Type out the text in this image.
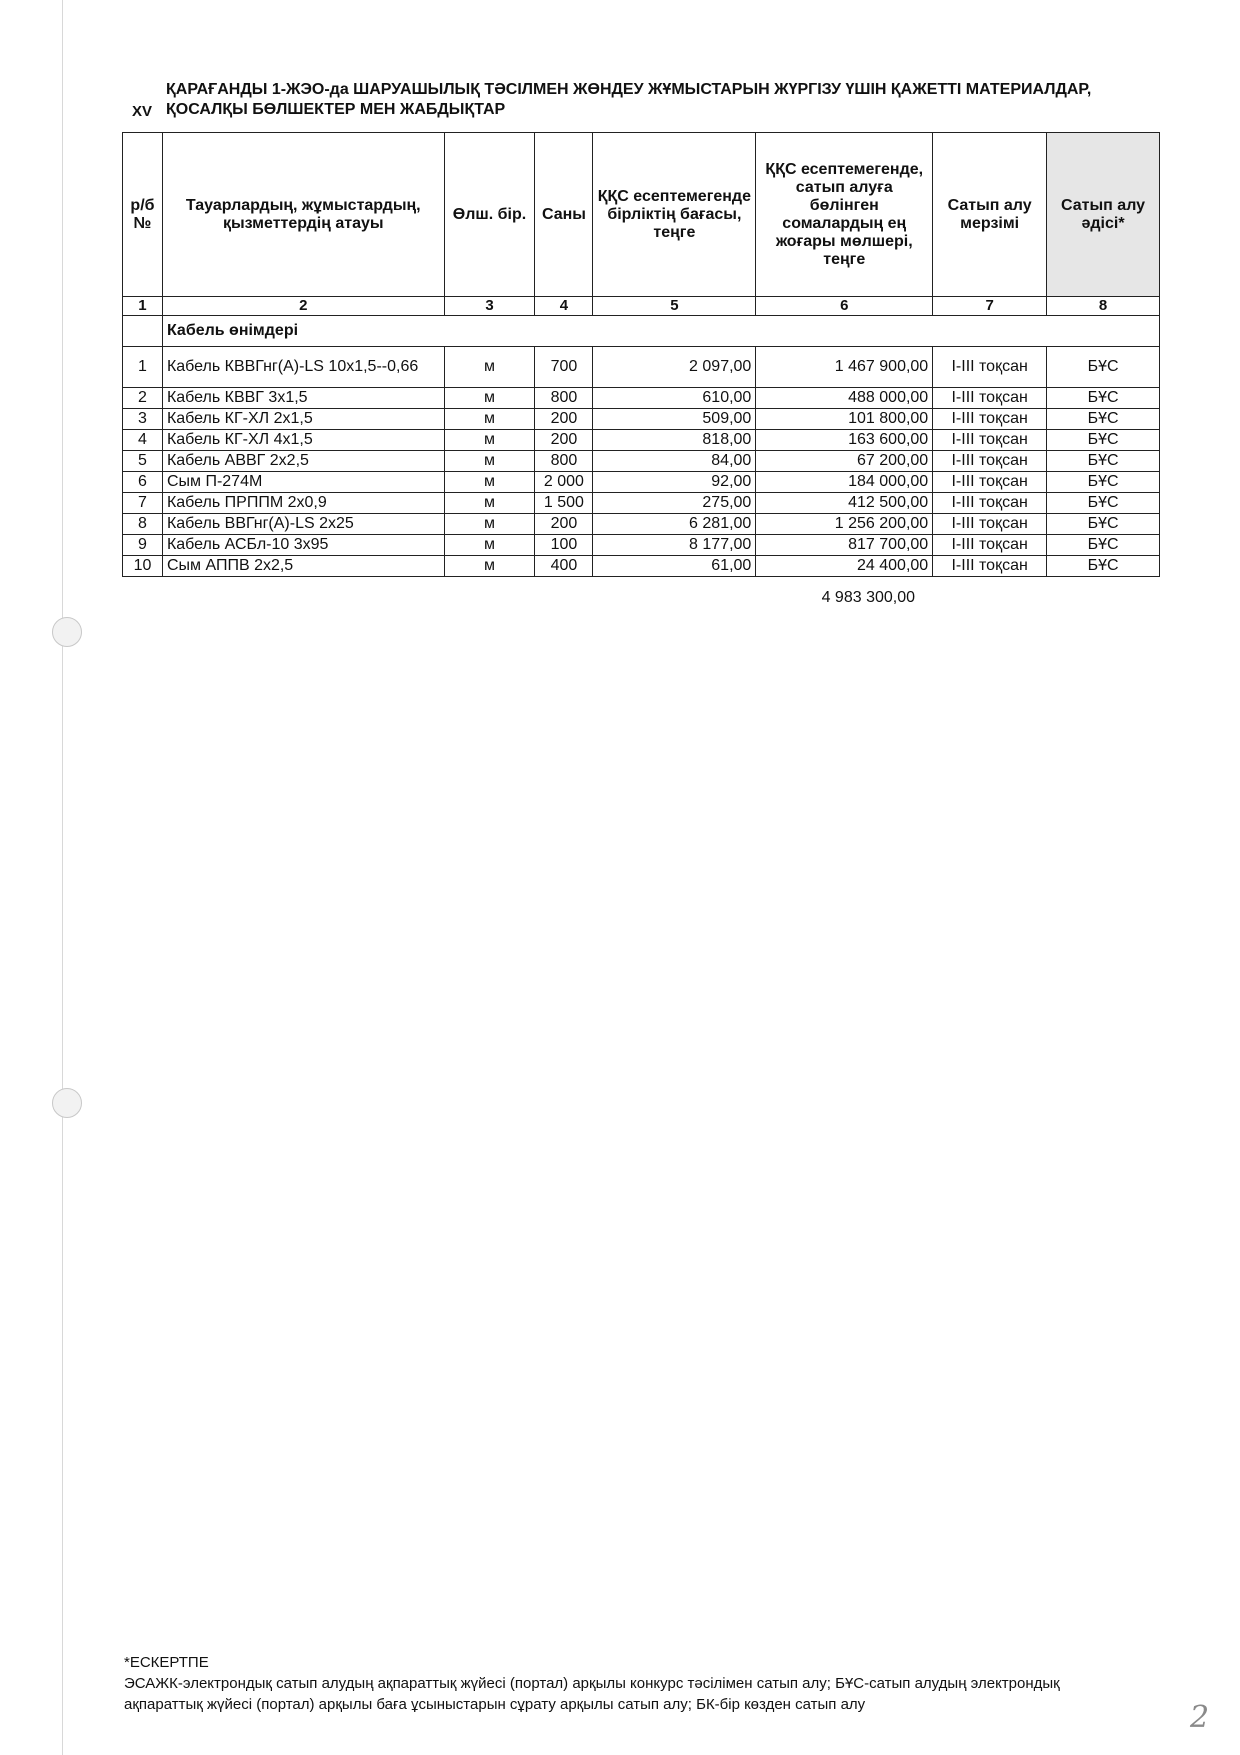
XV
ҚАРАҒАНДЫ 1-ЖЭО-да ШАРУАШЫЛЫҚ ТӘСІЛМЕН ЖӨНДЕУ ЖҰМЫСТАРЫН ЖҮРГІЗУ ҮШІН ҚАЖЕТТІ МАТЕРИАЛДАР, ҚОСАЛҚЫ БӨЛШЕКТЕР МЕН ЖАБДЫҚТАР
р/б №	Тауарлардың, жұмыстардың, қызметтердің атауы	Өлш. бір.	Саны	ҚҚС есептемегенде бірліктің бағасы, теңге	ҚҚС есептемегенде, сатып алуға бөлінген сомалардың ең жоғары мөлшері, теңге	Сатып алу мерзімі	Сатып алу әдісі*
1	2	3	4	5	6	7	8
	Кабель өнімдері						
1	Кабель КВВГнг(А)-LS 10х1,5--0,66	м	700	2 097,00	1 467 900,00	I-III тоқсан	БҰС
2	Кабель КВВГ 3х1,5	м	800	610,00	488 000,00	I-III тоқсан	БҰС
3	Кабель КГ-ХЛ 2х1,5	м	200	509,00	101 800,00	I-III тоқсан	БҰС
4	Кабель КГ-ХЛ 4х1,5	м	200	818,00	163 600,00	I-III тоқсан	БҰС
5	Кабель АВВГ 2х2,5	м	800	84,00	67 200,00	I-III тоқсан	БҰС
6	Сым П-274М	м	2 000	92,00	184 000,00	I-III тоқсан	БҰС
7	Кабель ПРППМ 2х0,9	м	1 500	275,00	412 500,00	I-III тоқсан	БҰС
8	Кабель ВВГнг(А)-LS 2х25	м	200	6 281,00	1 256 200,00	I-III тоқсан	БҰС
9	Кабель АСБл-10 3х95	м	100	8 177,00	817 700,00	I-III тоқсан	БҰС
10	Сым АППВ 2х2,5	м	400	61,00	24 400,00	I-III тоқсан	БҰС
4 983 300,00
*ЕСКЕРТПЕ
ЭСАЖК-электрондық сатып алудың ақпараттық жүйесі (портал) арқылы конкурс тәсілімен сатып алу; БҰС-сатып алудың электрондық ақпараттық жүйесі (портал) арқылы баға ұсыныстарын сұрату арқылы сатып алу; БК-бір көзден сатып алу	2
